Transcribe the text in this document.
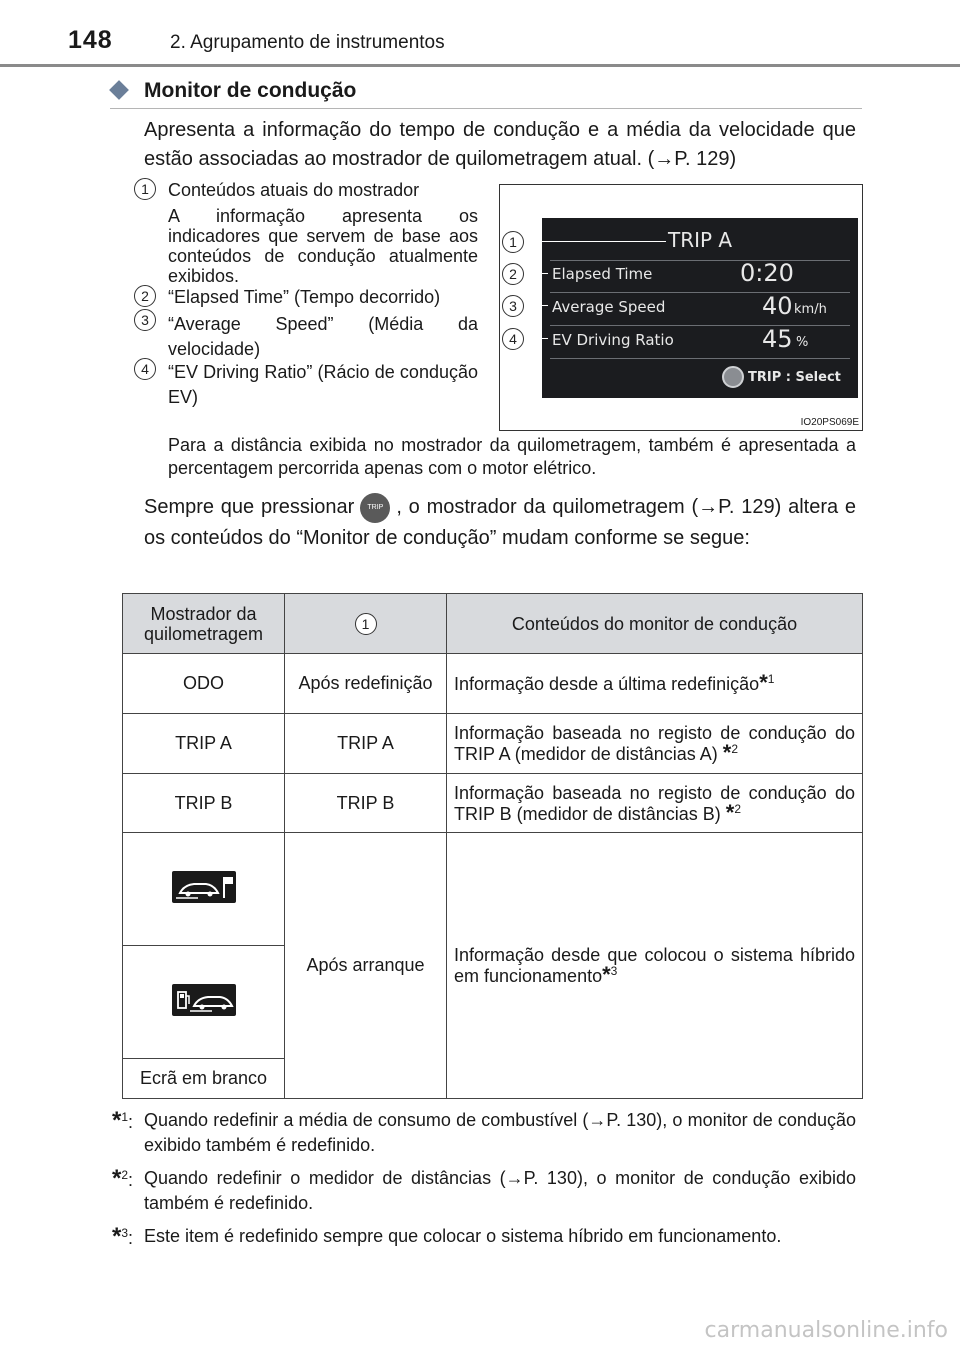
148	2. Agrupamento de instrumentos
Monitor de condução
Apresenta a informação do tempo de condução e a média da velocidade que estão associadas ao mostrador de quilometragem atual. (→P. 129)
1	Conteúdos atuais do mostrador
A informação apresenta os indicadores que servem de base aos conteúdos de condução atualmente exibidos.
2	“Elapsed Time” (Tempo decorrido)
3	“Average Speed” (Média da velocidade)
4	“EV Driving Ratio” (Rácio de condução EV)
TRIP A
Elapsed Time	0:20
Average Speed	40 km/h
EV Driving Ratio	45 %
TRIP : Select
1
2
3
4
IO20PS069E
Para a distância exibida no mostrador da quilometragem, também é apresentada a percentagem percorrida apenas com o motor elétrico.
Sempre que pressionar TRIP , o mostrador da quilometragem (→P. 129) altera e os conteúdos do “Monitor de condução” mudam conforme se segue:
Mostrador da quilometragem	1	Conteúdos do monitor de condução
ODO	Após redefinição	Informação desde a última redefinição*$^1$
TRIP A	TRIP A	Informação baseada no registo de condução do TRIP A (medidor de distâncias A) *$^2$
TRIP B	TRIP B	Informação baseada no registo de condução do TRIP B (medidor de distâncias B) *$^2$
	Após arranque	Informação desde que colocou o sistema híbrido em funcionamento*$^3$

Ecrã em branco		
*$^1$: Quando redefinir a média de consumo de combustível (→P. 130), o monitor de condução exibido também é redefinido.
*$^2$: Quando redefinir o medidor de distâncias (→P. 130), o monitor de condução exibido também é redefinido.
*$^3$: Este item é redefinido sempre que colocar o sistema híbrido em funcionamento.
carmanualsonline.info
